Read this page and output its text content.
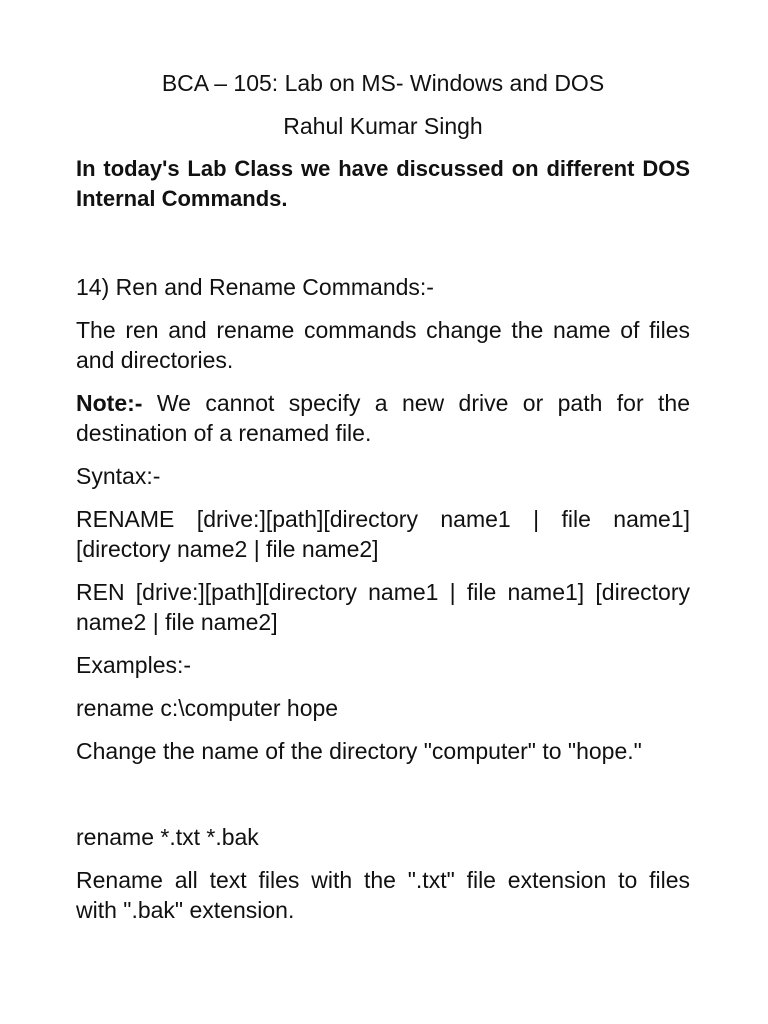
BCA – 105: Lab on MS- Windows and DOS
Rahul Kumar Singh
In today's Lab Class we have discussed on different DOS
Internal Commands.
14) Ren and Rename Commands:-
The ren and rename commands change the name of files
and directories.
Note:- We cannot specify a new drive or path for the
destination of a renamed file.
Syntax:-
RENAME [drive:][path][directory name1 | file name1]
[directory name2 | file name2]
REN [drive:][path][directory name1 | file name1] [directory
name2 | file name2]
Examples:-
rename c:\computer hope
Change the name of the directory "computer" to "hope."
rename *.txt *.bak
Rename all text files with the ".txt" file extension to files
with ".bak" extension.
